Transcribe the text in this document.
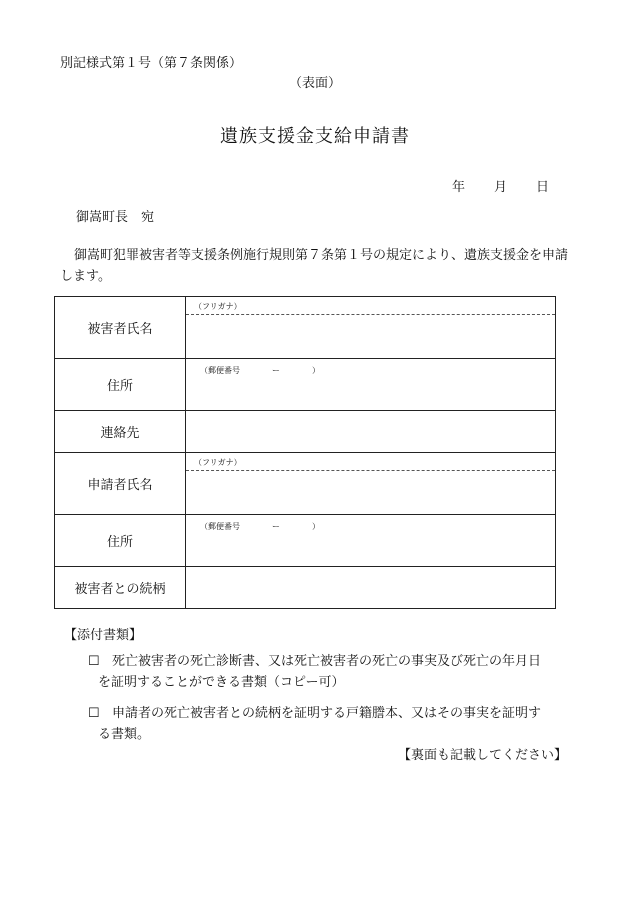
別記様式第１号（第７条関係）
（表面）
遺族支援金支給申請書
年 月 日
御嵩町長　宛
御嵩町犯罪被害者等支援条例施行規則第７条第１号の規定により、遺族支援金を申請します。
被害者氏名	（フリガナ）

住所	（郵便番号　　　　ー　　　　）

連絡先	
申請者氏名	（フリガナ）

住所	（郵便番号　　　　ー　　　　）

被害者との続柄	
【添付書類】
☐ 死亡被害者の死亡診断書、又は死亡被害者の死亡の事実及び死亡の年月日
を証明することができる書類（コピー可）
☐ 申請者の死亡被害者との続柄を証明する戸籍謄本、又はその事実を証明す
る書類。
【裏面も記載してください】
